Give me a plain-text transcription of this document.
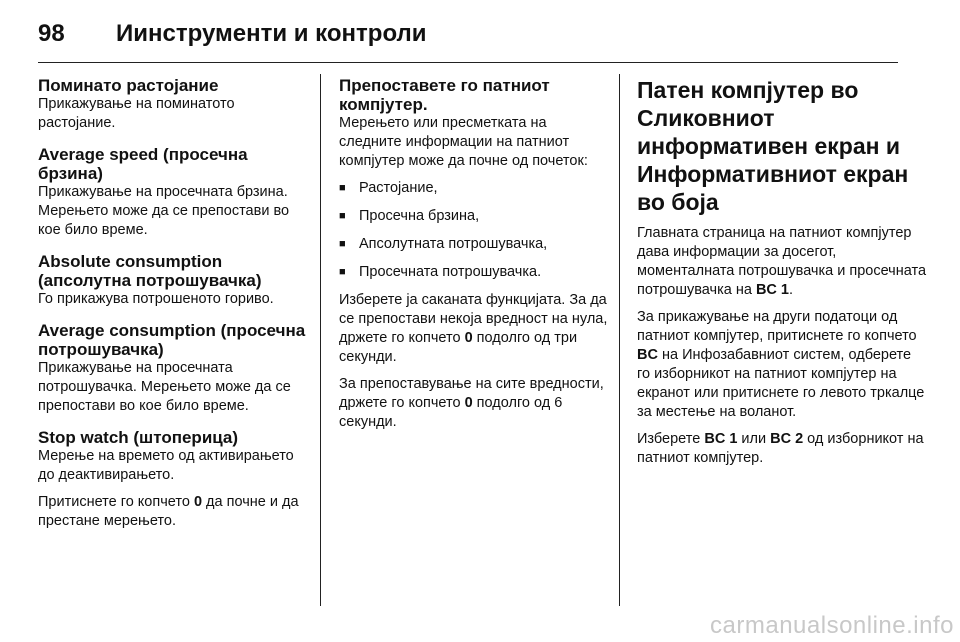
98	Иинструменти и контроли
Поминато растојание

Прикажување на поминатото растојание.

Average speed (просечна брзина)

Прикажување на просечната брзина. Мерењето може да се препостави во кое било време.

Absolute consumption (апсолутна потрошувачка)

Го прикажува потрошеното гориво.

Average consumption (просечна потрошувачка)

Прикажување на просечната потрошувачка. Мерењето може да се препостави во кое било време.

Stop watch (штоперица)

Мерење на времето од активирањето до деактивирањето.

Притиснете го копчето 0 да почне и да престане мерењето.

Препоставете го патниот компјутер.

Мерењето или пресметката на следните информации на патниот компјутер може да почне од почеток:

■ Растојание,
■ Просечна брзина,
■ Апсолутната потрошувачка,
■ Просечната потрошувачка.

Изберете ја саканата функцијата. За да се препостави некоја вредност на нула, држете го копчето 0 подолго од три секунди.

За препоставување на сите вредности, држете го копчето 0 подолго од 6 секунди.

Патен компјутер во Сликовниот информативен екран и Информативниот екран во боја

Главната страница на патниот компјутер дава информации за досегот, моменталната потрошувачка и просечната потрошувачка на BC 1.

За прикажување на други податоци од патниот компјутер, притиснете го копчето BC на Инфозабавниот систем, одберете го изборникот на патниот компјутер на екранот или притиснете го левото тркалце за местење на воланот.

Изберете BC 1 или BC 2 од изборникот на патниот компјутер.

carmanualsonline.info
